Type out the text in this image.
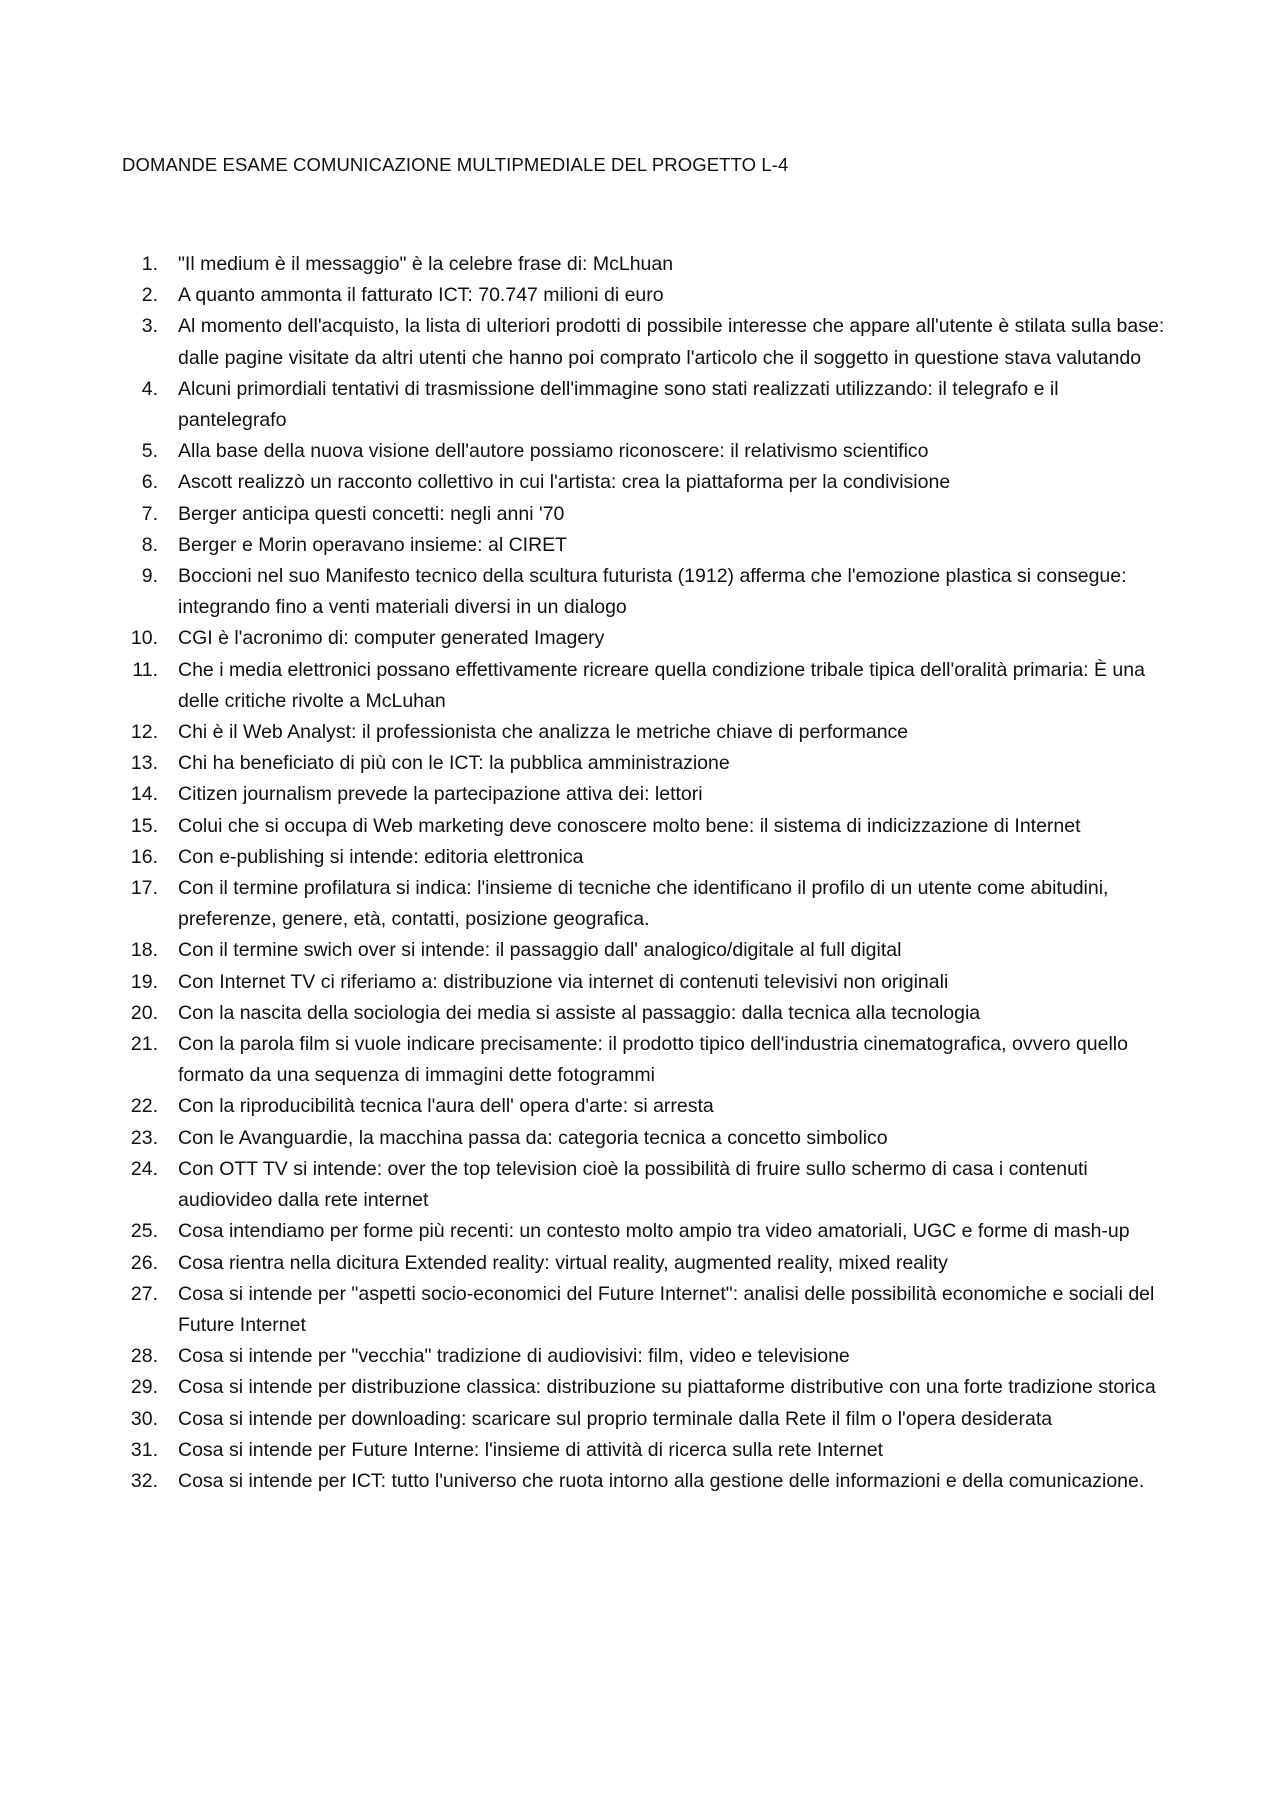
DOMANDE ESAME COMUNICAZIONE MULTIPMEDIALE DEL PROGETTO L-4
1.	"Il medium è il messaggio" è la celebre frase di: McLhuan
2.	A quanto ammonta il fatturato ICT: 70.747 milioni di euro
3.	Al momento dell'acquisto, la lista di ulteriori prodotti di possibile interesse che appare all'utente è stilata sulla base: dalle pagine visitate da altri utenti che hanno poi comprato l'articolo che il soggetto in questione stava valutando
4.	Alcuni primordiali tentativi di trasmissione dell'immagine sono stati realizzati utilizzando: il telegrafo e il pantelegrafo
5.	Alla base della nuova visione dell'autore possiamo riconoscere: il relativismo scientifico
6.	Ascott realizzò un racconto collettivo in cui l'artista: crea la piattaforma per la condivisione
7.	Berger anticipa questi concetti: negli anni '70
8.	Berger e Morin operavano insieme: al CIRET
9.	Boccioni nel suo Manifesto tecnico della scultura futurista (1912) afferma che l'emozione plastica si consegue: integrando fino a venti materiali diversi in un dialogo
10.	CGI è l'acronimo di: computer generated Imagery
11.	Che i media elettronici possano effettivamente ricreare quella condizione tribale tipica dell'oralità primaria: È una delle critiche rivolte a McLuhan
12.	Chi è il Web Analyst: il professionista che analizza le metriche chiave di performance
13.	Chi ha beneficiato di più con le ICT: la pubblica amministrazione
14.	Citizen journalism prevede la partecipazione attiva dei: lettori
15.	Colui che si occupa di Web marketing deve conoscere molto bene: il sistema di indicizzazione di Internet
16.	Con e-publishing si intende: editoria elettronica
17.	Con il termine profilatura si indica: l'insieme di tecniche che identificano il profilo di un utente come abitudini, preferenze, genere, età, contatti, posizione geografica.
18.	Con il termine swich over si intende: il passaggio dall' analogico/digitale al full digital
19.	Con Internet TV ci riferiamo a: distribuzione via internet di contenuti televisivi non originali
20.	Con la nascita della sociologia dei media si assiste al passaggio: dalla tecnica alla tecnologia
21.	Con la parola film si vuole indicare precisamente: il prodotto tipico dell'industria cinematografica, ovvero quello formato da una sequenza di immagini dette fotogrammi
22.	Con la riproducibilità tecnica l'aura dell' opera d'arte: si arresta
23.	Con le Avanguardie, la macchina passa da: categoria tecnica a concetto simbolico
24.	Con OTT TV si intende: over the top television cioè la possibilità di fruire sullo schermo di casa i contenuti audiovideo dalla rete internet
25.	Cosa intendiamo per forme più recenti: un contesto molto ampio tra video amatoriali, UGC e forme di mash-up
26.	Cosa rientra nella dicitura Extended reality: virtual reality, augmented reality, mixed reality
27.	Cosa si intende per "aspetti socio-economici del Future Internet": analisi delle possibilità economiche e sociali del Future Internet
28.	Cosa si intende per "vecchia" tradizione di audiovisivi: film, video e televisione
29.	Cosa si intende per distribuzione classica: distribuzione su piattaforme distributive con una forte tradizione storica
30.	Cosa si intende per downloading: scaricare sul proprio terminale dalla Rete il film o l'opera desiderata
31.	Cosa si intende per Future Interne: l'insieme di attività di ricerca sulla rete Internet
32.	Cosa si intende per ICT: tutto l'universo che ruota intorno alla gestione delle informazioni e della comunicazione.
